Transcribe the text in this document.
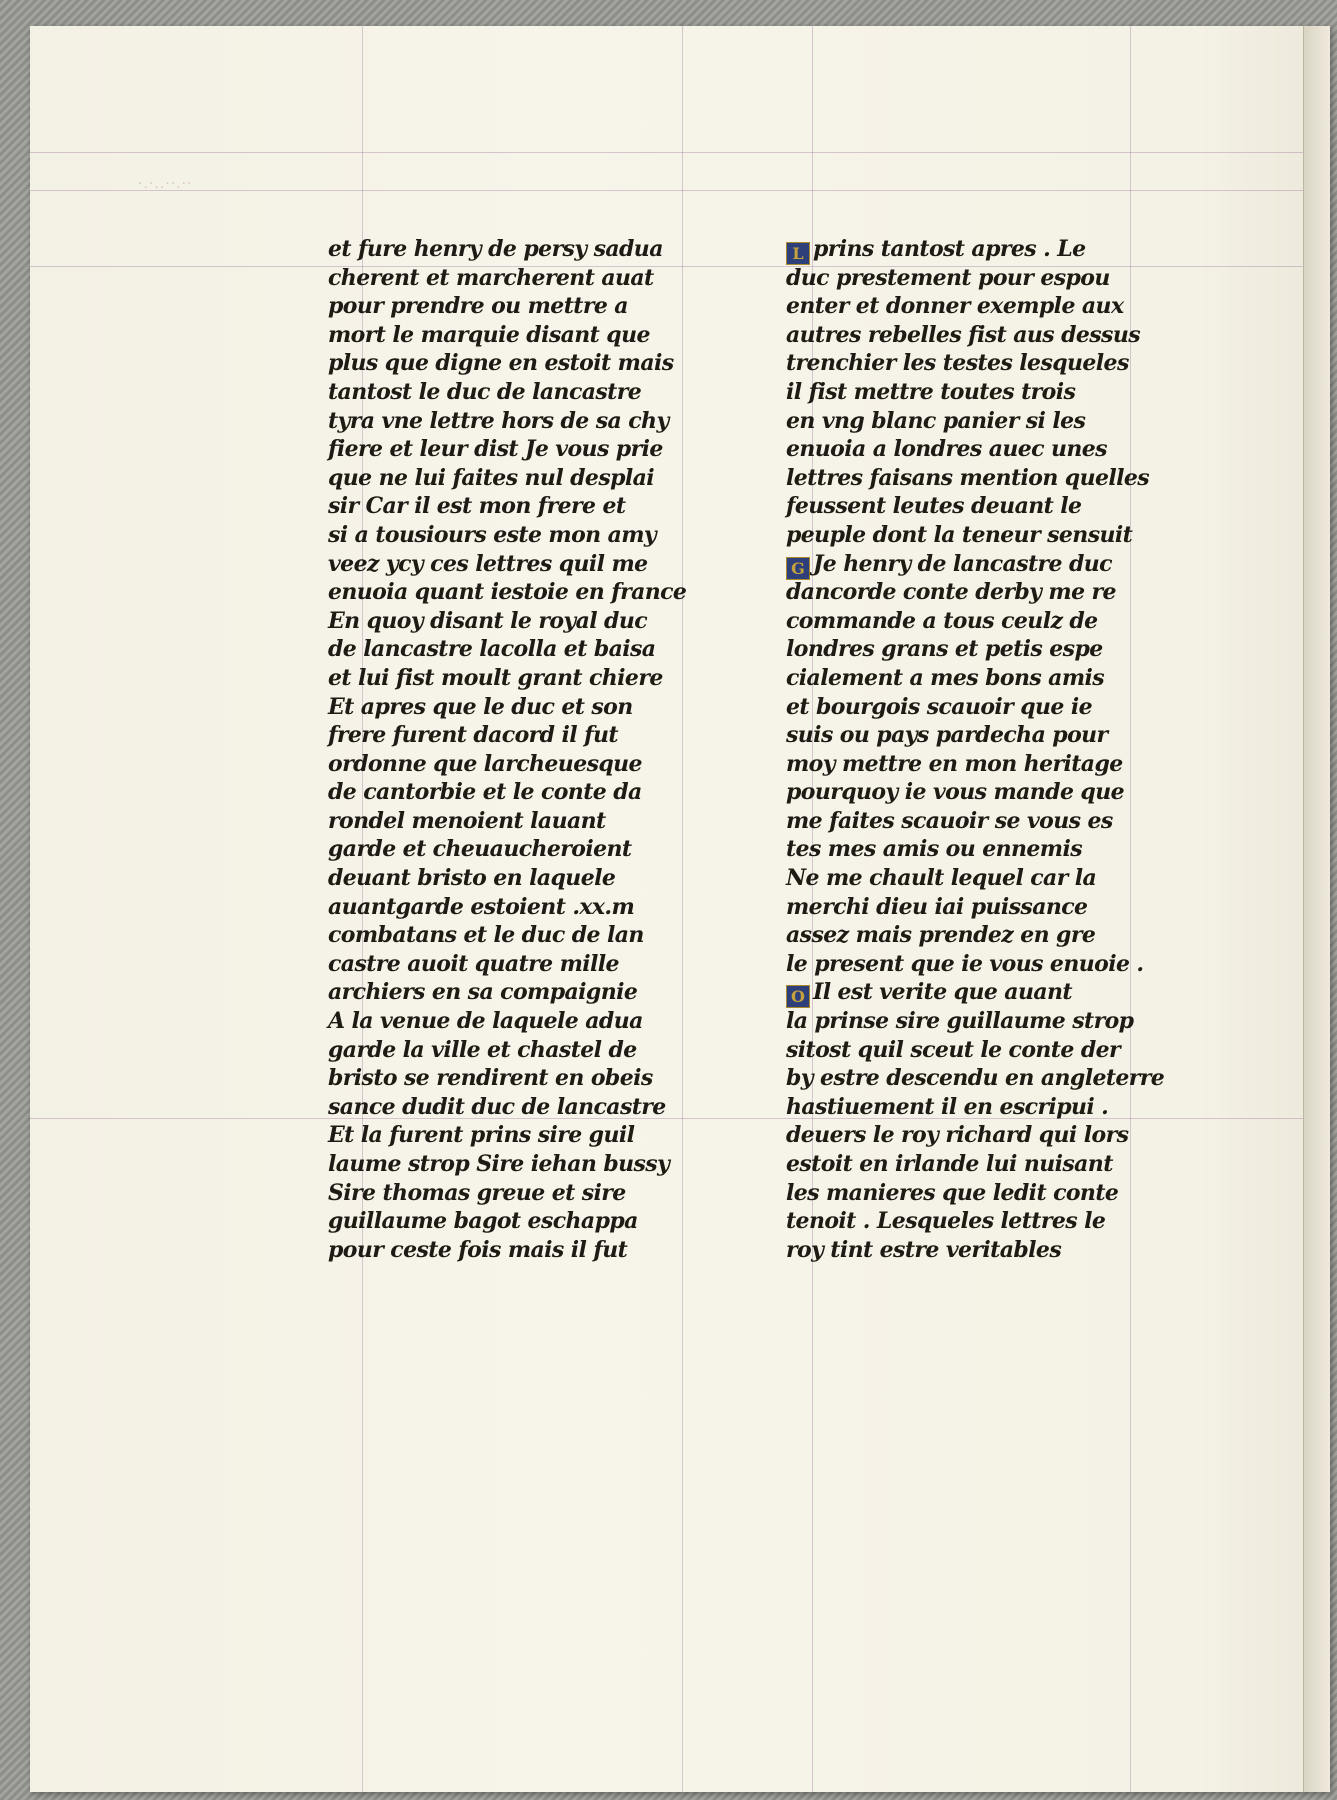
·.·..··.··
et fure henry de persy sadua
cherent et marcherent auat
pour prendre ou mettre a
mort le marquie disant que
plus que digne en estoit mais
tantost le duc de lancastre
tyra vne lettre hors de sa chy
fiere et leur dist Je vous prie
que ne lui faites nul desplai
sir Car il est mon frere et
si a tousiours este mon amy
veez ycy ces lettres quil me
enuoia quant iestoie en france
En quoy disant le royal duc
de lancastre lacolla et baisa
et lui fist moult grant chiere
Et apres que le duc et son
frere furent dacord il fut
ordonne que larcheuesque
de cantorbie et le conte da
rondel menoient lauant
garde et cheuaucheroient
deuant bristo en laquele
auantgarde estoient .xx.m
combatans et le duc de lan
castre auoit quatre mille
archiers en sa compaignie
A la venue de laquele adua
garde la ville et chastel de
bristo se rendirent en obeis
sance dudit duc de lancastre
Et la furent prins sire guil
laume strop Sire iehan bussy
Sire thomas greue et sire
guillaume bagot eschappa
pour ceste fois mais il fut
L prins tantost apres . Le
duc prestement pour espou
enter et donner exemple aux
autres rebelles fist aus dessus
trenchier les testes lesqueles
il fist mettre toutes trois
en vng blanc panier si les
enuoia a londres auec unes
lettres faisans mention quelles
feussent leutes deuant le
peuple dont la teneur sensuit
G Je henry de lancastre duc
dancorde conte derby me re
commande a tous ceulz de
londres grans et petis espe
cialement a mes bons amis
et bourgois scauoir que ie
suis ou pays pardecha pour
moy mettre en mon heritage
pourquoy ie vous mande que
me faites scauoir se vous es
tes mes amis ou ennemis
Ne me chault lequel car la
merchi dieu iai puissance
assez mais prendez en gre
le present que ie vous enuoie .
O Il est verite que auant
la prinse sire guillaume strop
sitost quil sceut le conte der
by estre descendu en angleterre
hastiuement il en escripui .
deuers le roy richard qui lors
estoit en irlande lui nuisant
les manieres que ledit conte
tenoit . Lesqueles lettres le
roy tint estre veritables
